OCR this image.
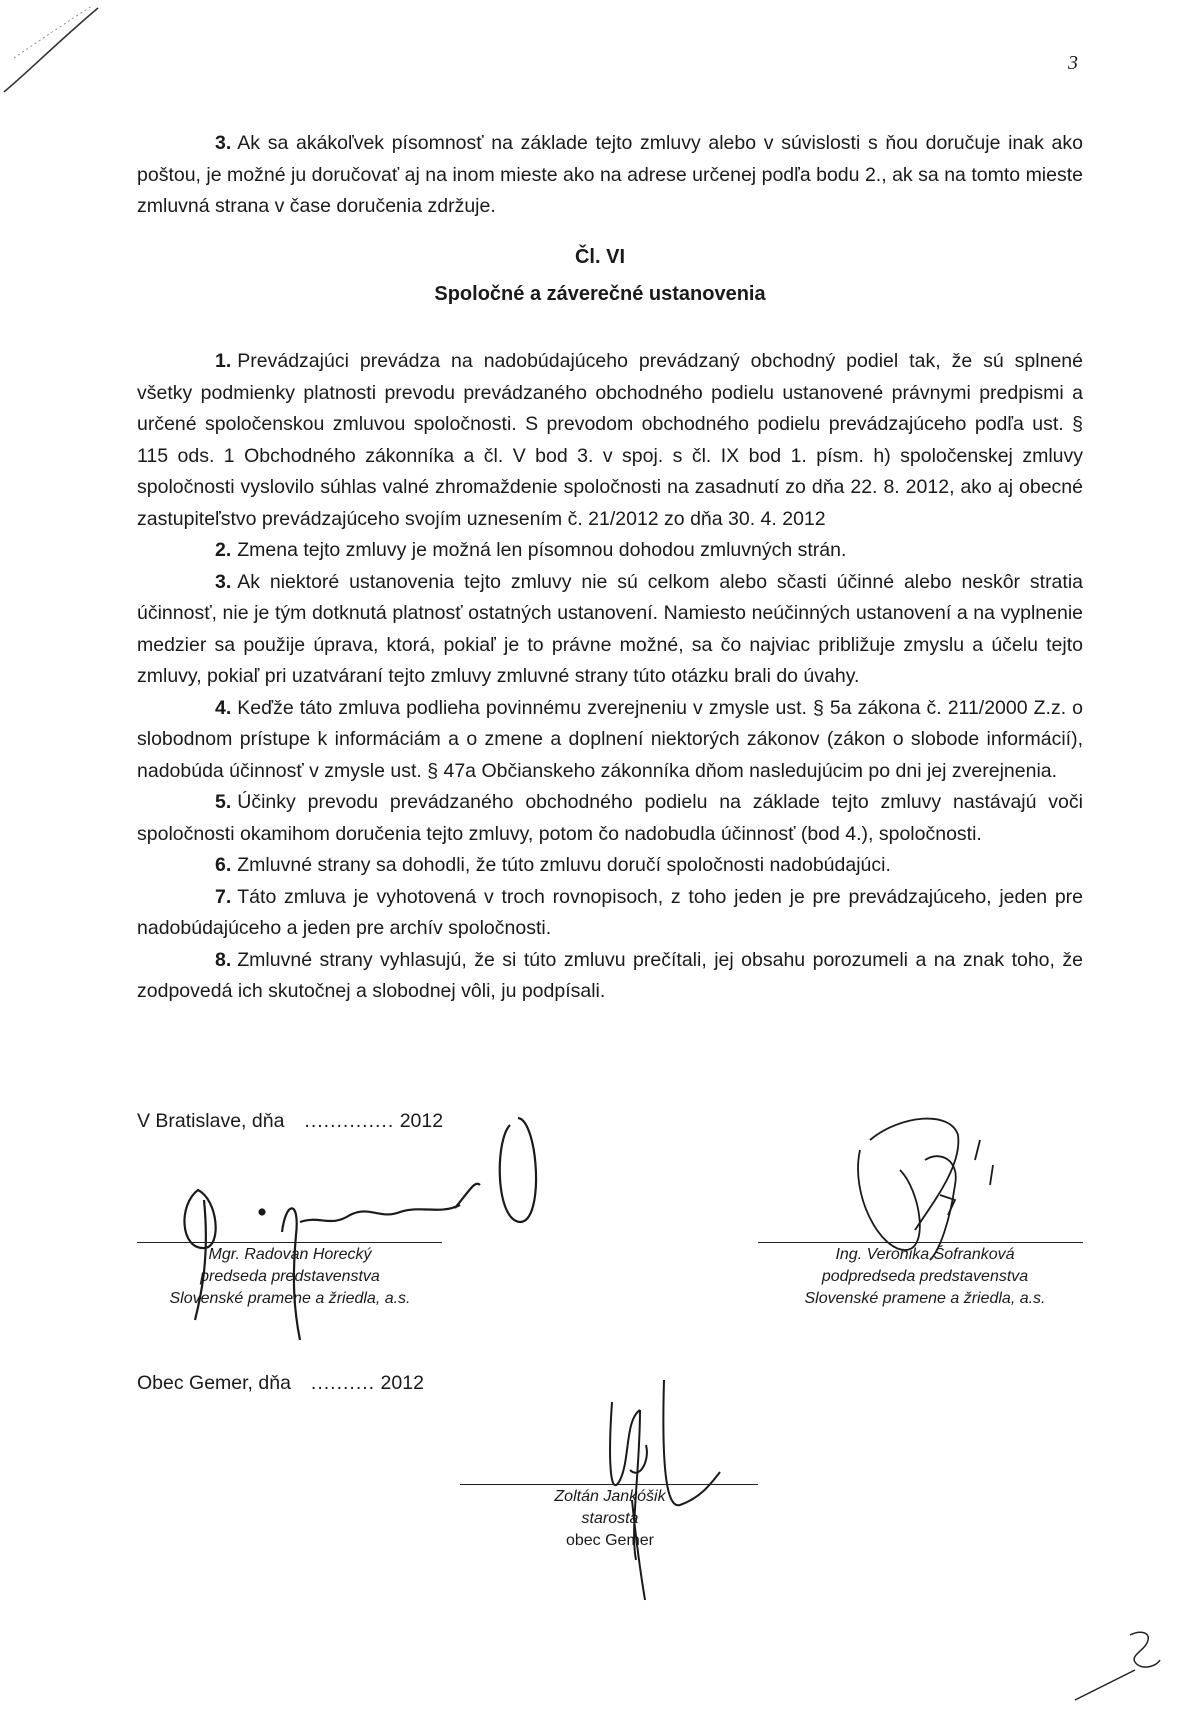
3

3. Ak sa akákoľvek písomnosť na základe tejto zmluvy alebo v súvislosti s ňou doručuje inak ako poštou, je možné ju doručovať aj na inom mieste ako na adrese určenej podľa bodu 2., ak sa na tomto mieste zmluvná strana v čase doručenia zdržuje.

Čl. VI
Spoločné a záverečné ustanovenia

1. Prevádzajúci prevádza na nadobúdajúceho prevádzaný obchodný podiel tak, že sú splnené všetky podmienky platnosti prevodu prevádzaného obchodného podielu ustanovené právnymi predpismi a určené spoločenskou zmluvou spoločnosti. S prevodom obchodného podielu prevádzajúceho podľa ust. § 115 ods. 1 Obchodného zákonníka a čl. V bod 3. v spoj. s čl. IX bod 1. písm. h) spoločenskej zmluvy spoločnosti vyslovilo súhlas valné zhromaždenie spoločnosti na zasadnutí zo dňa 22. 8. 2012, ako aj obecné zastupiteľstvo prevádzajúceho svojím uznesením č. 21/2012 zo dňa 30. 4. 2012

2. Zmena tejto zmluvy je možná len písomnou dohodou zmluvných strán.

3. Ak niektoré ustanovenia tejto zmluvy nie sú celkom alebo sčasti účinné alebo neskôr stratia účinnosť, nie je tým dotknutá platnosť ostatných ustanovení. Namiesto neúčinných ustanovení a na vyplnenie medzier sa použije úprava, ktorá, pokiaľ je to právne možné, sa čo najviac približuje zmyslu a účelu tejto zmluvy, pokiaľ pri uzatváraní tejto zmluvy zmluvné strany túto otázku brali do úvahy.

4. Keďže táto zmluva podlieha povinnému zverejneniu v zmysle ust. § 5a zákona č. 211/2000 Z.z. o slobodnom prístupe k informáciám a o zmene a doplnení niektorých zákonov (zákon o slobode informácií), nadobúda účinnosť v zmysle ust. § 47a Občianskeho zákonníka dňom nasledujúcim po dni jej zverejnenia.

5. Účinky prevodu prevádzaného obchodného podielu na základe tejto zmluvy nastávajú voči spoločnosti okamihom doručenia tejto zmluvy, potom čo nadobudla účinnosť (bod 4.), spoločnosti.

6. Zmluvné strany sa dohodli, že túto zmluvu doručí spoločnosti nadobúdajúci.

7. Táto zmluva je vyhotovená v troch rovnopisoch, z toho jeden je pre prevádzajúceho, jeden pre nadobúdajúceho a jeden pre archív spoločnosti.

8. Zmluvné strany vyhlasujú, že si túto zmluvu prečítali, jej obsahu porozumeli a na znak toho, že zodpovedá ich skutočnej a slobodnej vôli, ju podpísali.

V Bratislave, dňa .............. 2012
Mgr. Radovan Horecký
predseda predstavenstva
Slovenské pramene a žriedla, a.s.
Ing. Veronika Šofranková
podpredseda predstavenstva
Slovenské pramene a žriedla, a.s.
Obec Gemer, dňa .......... 2012
Zoltán Jankóšik
starosta
obec Gemer
